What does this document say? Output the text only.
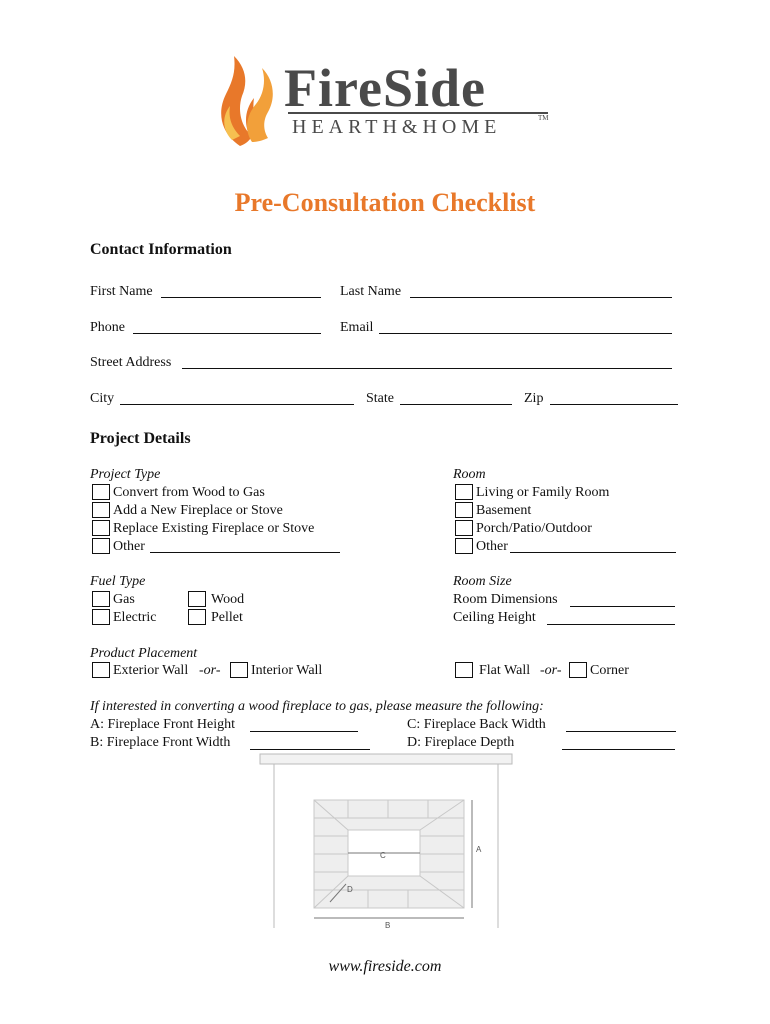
FireSide
HEARTH&HOME	TM
Pre-Consultation Checklist
Contact Information
First Name	Last Name
Phone	Email
Street Address
City	State	Zip
Project Details
Project Type
Convert from Wood to Gas
Add a New Fireplace or Stove
Replace Existing Fireplace or Stove
Other
Room
Living or Family Room
Basement
Porch/Patio/Outdoor
Other
Fuel Type
Gas
Electric
Wood
Pellet
Room Size
Room Dimensions
Ceiling Height
Product Placement
Exterior Wall -or- Interior Wall	Flat Wall -or- Corner
If interested in converting a wood fireplace to gas, please measure the following:
A: Fireplace Front Height
B: Fireplace Front Width
C: Fireplace Back Width
D: Fireplace Depth
A
B
C
D
www.fireside.com
